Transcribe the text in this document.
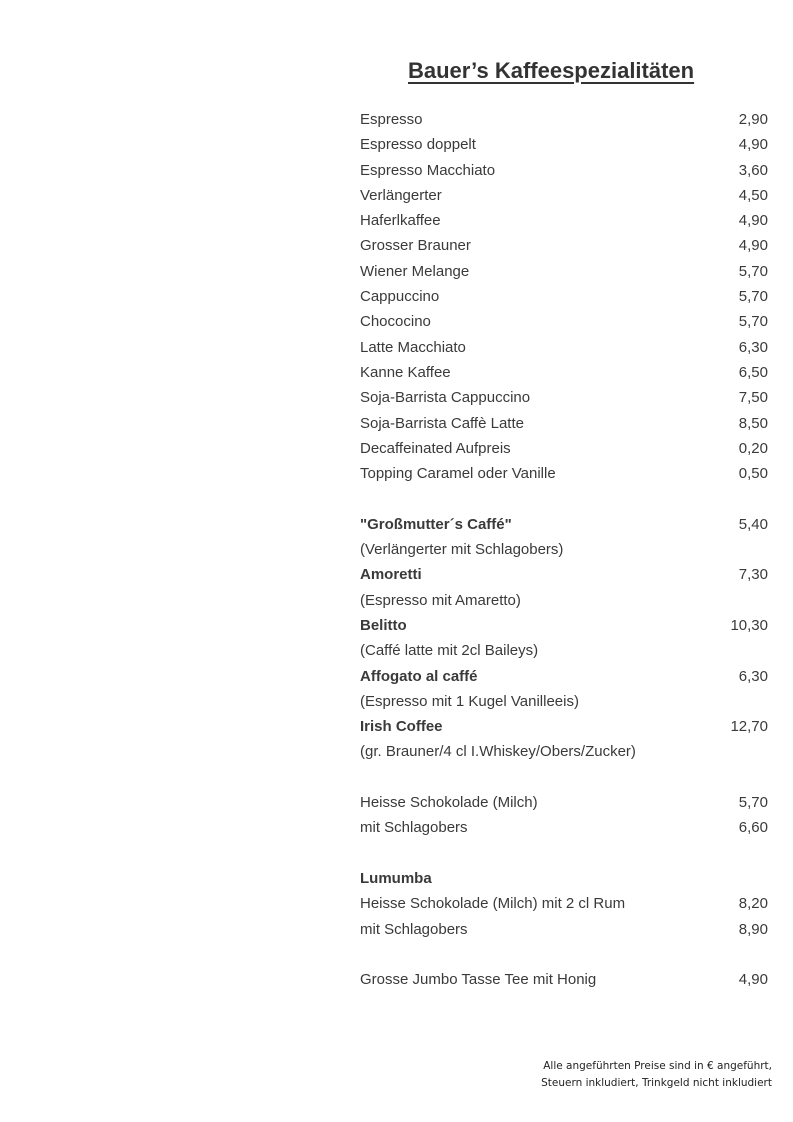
Bauer’s Kaffeespezialitäten
Espresso	2,90
Espresso doppelt	4,90
Espresso Macchiato	3,60
Verlängerter	4,50
Haferlkaffee	4,90
Grosser Brauner	4,90
Wiener Melange	5,70
Cappuccino	5,70
Chococino	5,70
Latte Macchiato	6,30
Kanne Kaffee	6,50
Soja-Barrista Cappuccino	7,50
Soja-Barrista Caffè Latte	8,50
Decaffeinated Aufpreis	0,20
Topping Caramel oder Vanille	0,50
"Großmutter´s Caffé"	5,40
(Verlängerter mit Schlagobers)
Amoretti	7,30
(Espresso mit Amaretto)
Belitto	10,30
(Caffé latte mit 2cl Baileys)
Affogato al caffé	6,30
(Espresso mit 1 Kugel Vanilleeis)
Irish Coffee	12,70
(gr. Brauner/4 cl I.Whiskey/Obers/Zucker)
Heisse Schokolade (Milch)	5,70
mit Schlagobers	6,60
Lumumba
Heisse Schokolade (Milch) mit 2 cl Rum	8,20
mit Schlagobers	8,90
Grosse Jumbo Tasse Tee mit Honig	4,90
Alle angeführten Preise sind in € angeführt,
Steuern inkludiert, Trinkgeld nicht inkludiert
